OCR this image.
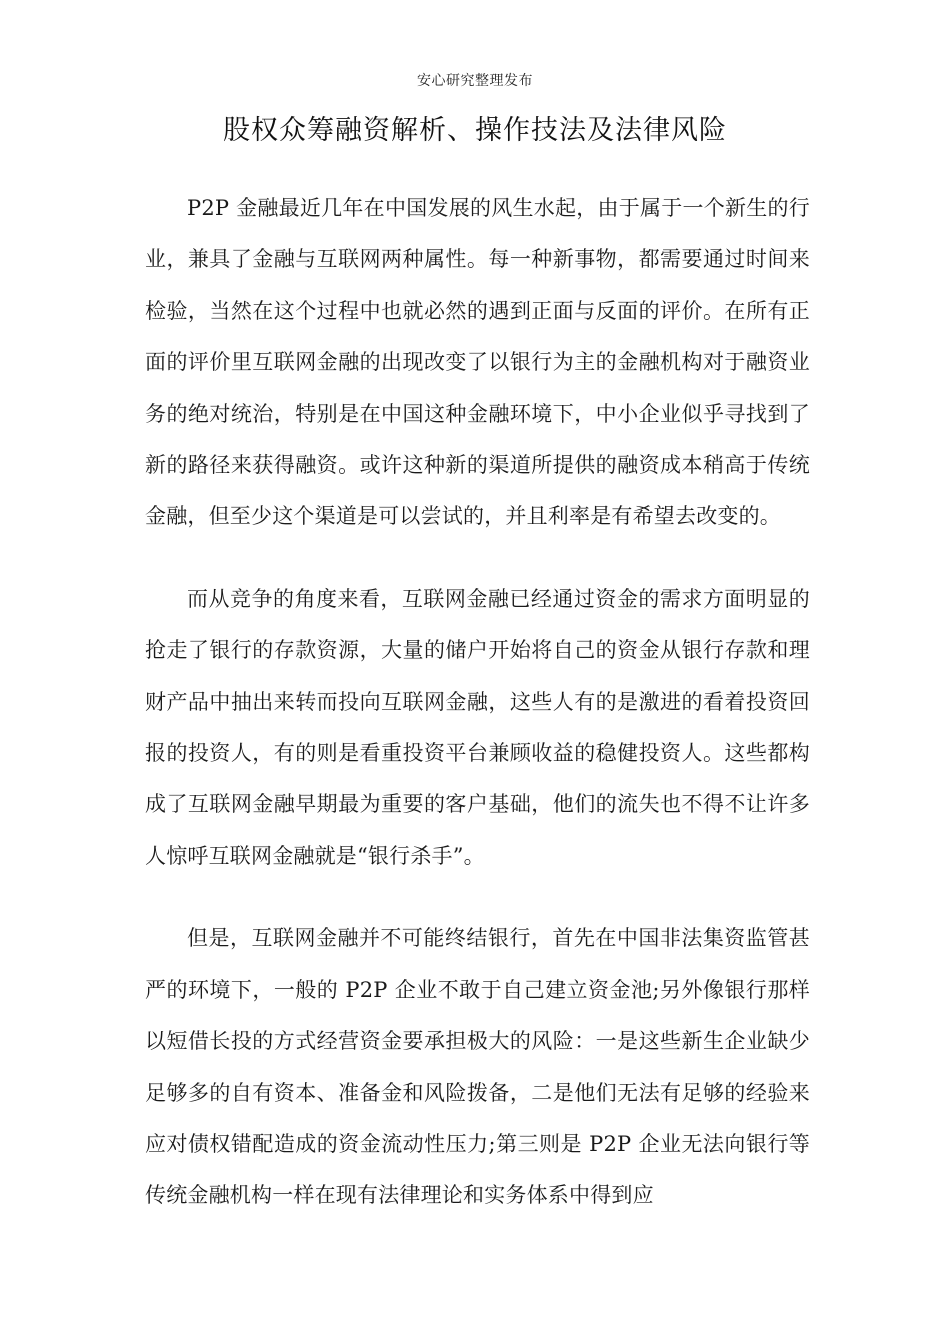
安心研究整理发布
股权众筹融资解析、操作技法及法律风险

P2P 金融最近几年在中国发展的风生水起，由于属于一个新生的行业，兼具了金融与互联网两种属性。每一种新事物，都需要通过时间来检验，当然在这个过程中也就必然的遇到正面与反面的评价。在所有正面的评价里互联网金融的出现改变了以银行为主的金融机构对于融资业务的绝对统治，特别是在中国这种金融环境下，中小企业似乎寻找到了新的路径来获得融资。或许这种新的渠道所提供的融资成本稍高于传统金融，但至少这个渠道是可以尝试的，并且利率是有希望去改变的。

而从竞争的角度来看，互联网金融已经通过资金的需求方面明显的抢走了银行的存款资源，大量的储户开始将自己的资金从银行存款和理财产品中抽出来转而投向互联网金融，这些人有的是激进的看着投资回报的投资人，有的则是看重投资平台兼顾收益的稳健投资人。这些都构成了互联网金融早期最为重要的客户基础，他们的流失也不得不让许多人惊呼互联网金融就是“银行杀手”。

但是，互联网金融并不可能终结银行，首先在中国非法集资监管甚严的环境下，一般的 P2P 企业不敢于自己建立资金池;另外像银行那样以短借长投的方式经营资金要承担极大的风险：一是这些新生企业缺少足够多的自有资本、准备金和风险拨备，二是他们无法有足够的经验来应对债权错配造成的资金流动性压力;第三则是 P2P 企业无法向银行等传统金融机构一样在现有法律理论和实务体系中得到应
